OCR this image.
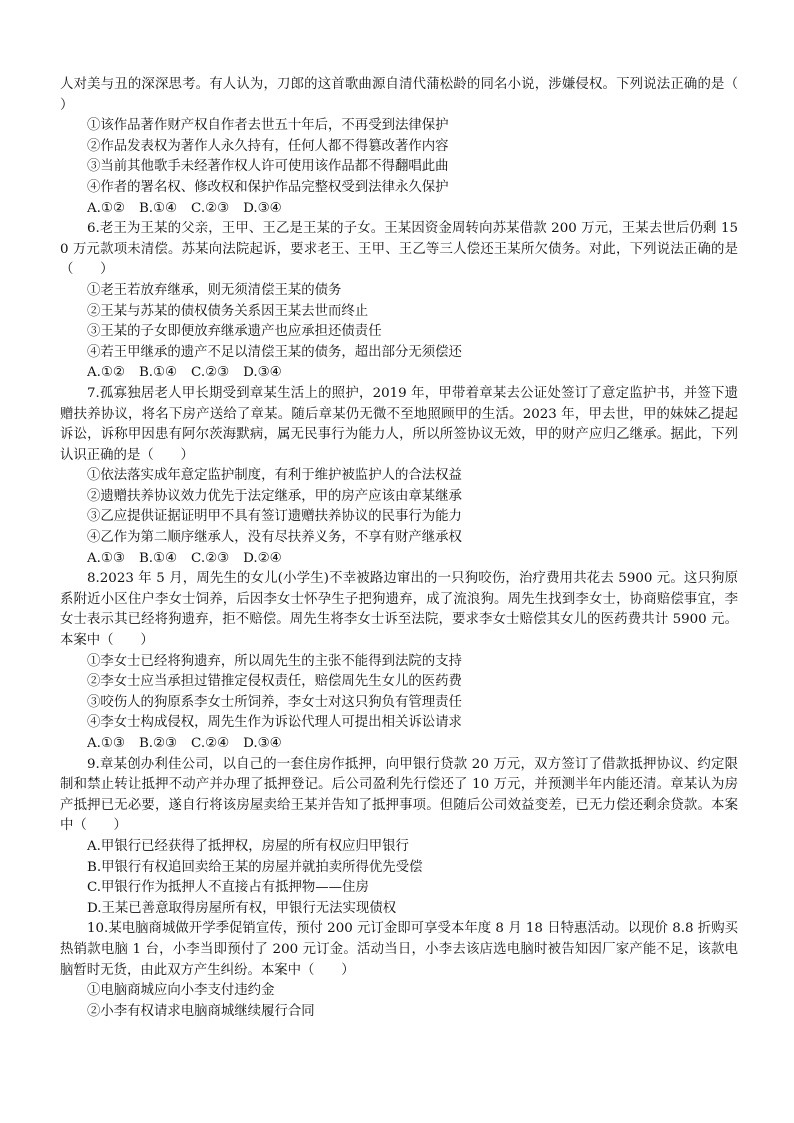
人对美与丑的深深思考。有人认为，刀郎的这首歌曲源自清代蒲松龄的同名小说，涉嫌侵权。下列说法正确的是（　　）

①该作品著作财产权自作者去世五十年后，不再受到法律保护

②作品发表权为著作人永久持有，任何人都不得篡改著作内容

③当前其他歌手未经著作权人许可使用该作品都不得翻唱此曲

④作者的署名权、修改权和保护作品完整权受到法律永久保护

A.①② B.①④ C.②③ D.③④

6.老王为王某的父亲，王甲、王乙是王某的子女。王某因资金周转向苏某借款 200 万元，王某去世后仍剩 150 万元款项未清偿。苏某向法院起诉，要求老王、王甲、王乙等三人偿还王某所欠债务。对此，下列说法正确的是（　　）

①老王若放弃继承，则无须清偿王某的债务

②王某与苏某的债权债务关系因王某去世而终止

③王某的子女即便放弃继承遗产也应承担还债责任

④若王甲继承的遗产不足以清偿王某的债务，超出部分无须偿还

A.①② B.①④ C.②③ D.③④

7.孤寡独居老人甲长期受到章某生活上的照护，2019 年，甲带着章某去公证处签订了意定监护书，并签下遗赠扶养协议，将名下房产送给了章某。随后章某仍无微不至地照顾甲的生活。2023 年，甲去世，甲的妹妹乙提起诉讼，诉称甲因患有阿尔茨海默病，属无民事行为能力人，所以所签协议无效，甲的财产应归乙继承。据此，下列认识正确的是（　　）

①依法落实成年意定监护制度，有利于维护被监护人的合法权益

②遗赠扶养协议效力优先于法定继承，甲的房产应该由章某继承

③乙应提供证据证明甲不具有签订遗赠扶养协议的民事行为能力

④乙作为第二顺序继承人，没有尽扶养义务，不享有财产继承权

A.①③ B.①④ C.②③ D.②④

8.2023 年 5 月，周先生的女儿(小学生)不幸被路边窜出的一只狗咬伤，治疗费用共花去 5900 元。这只狗原系附近小区住户李女士饲养，后因李女士怀孕生子把狗遗弃，成了流浪狗。周先生找到李女士，协商赔偿事宜，李女士表示其已经将狗遗弃，拒不赔偿。周先生将李女士诉至法院，要求李女士赔偿其女儿的医药费共计 5900 元。本案中（　　）

①李女士已经将狗遗弃，所以周先生的主张不能得到法院的支持

②李女士应当承担过错推定侵权责任，赔偿周先生女儿的医药费

③咬伤人的狗原系李女士所饲养，李女士对这只狗负有管理责任

④李女士构成侵权，周先生作为诉讼代理人可提出相关诉讼请求

A.①③ B.②③ C.②④ D.③④

9.章某创办利佳公司，以自己的一套住房作抵押，向甲银行贷款 20 万元，双方签订了借款抵押协议、约定限制和禁止转让抵押不动产并办理了抵押登记。后公司盈利先行偿还了 10 万元，并预测半年内能还清。章某认为房产抵押已无必要，遂自行将该房屋卖给王某并告知了抵押事项。但随后公司效益变差，已无力偿还剩余贷款。本案中（　　）

A.甲银行已经获得了抵押权，房屋的所有权应归甲银行

B.甲银行有权追回卖给王某的房屋并就拍卖所得优先受偿

C.甲银行作为抵押人不直接占有抵押物——住房

D.王某已善意取得房屋所有权，甲银行无法实现债权

10.某电脑商城做开学季促销宣传，预付 200 元订金即可享受本年度 8 月 18 日特惠活动。以现价 8.8 折购买热销款电脑 1 台，小李当即预付了 200 元订金。活动当日，小李去该店选电脑时被告知因厂家产能不足，该款电脑暂时无货，由此双方产生纠纷。本案中（　　）

①电脑商城应向小李支付违约金

②小李有权请求电脑商城继续履行合同
